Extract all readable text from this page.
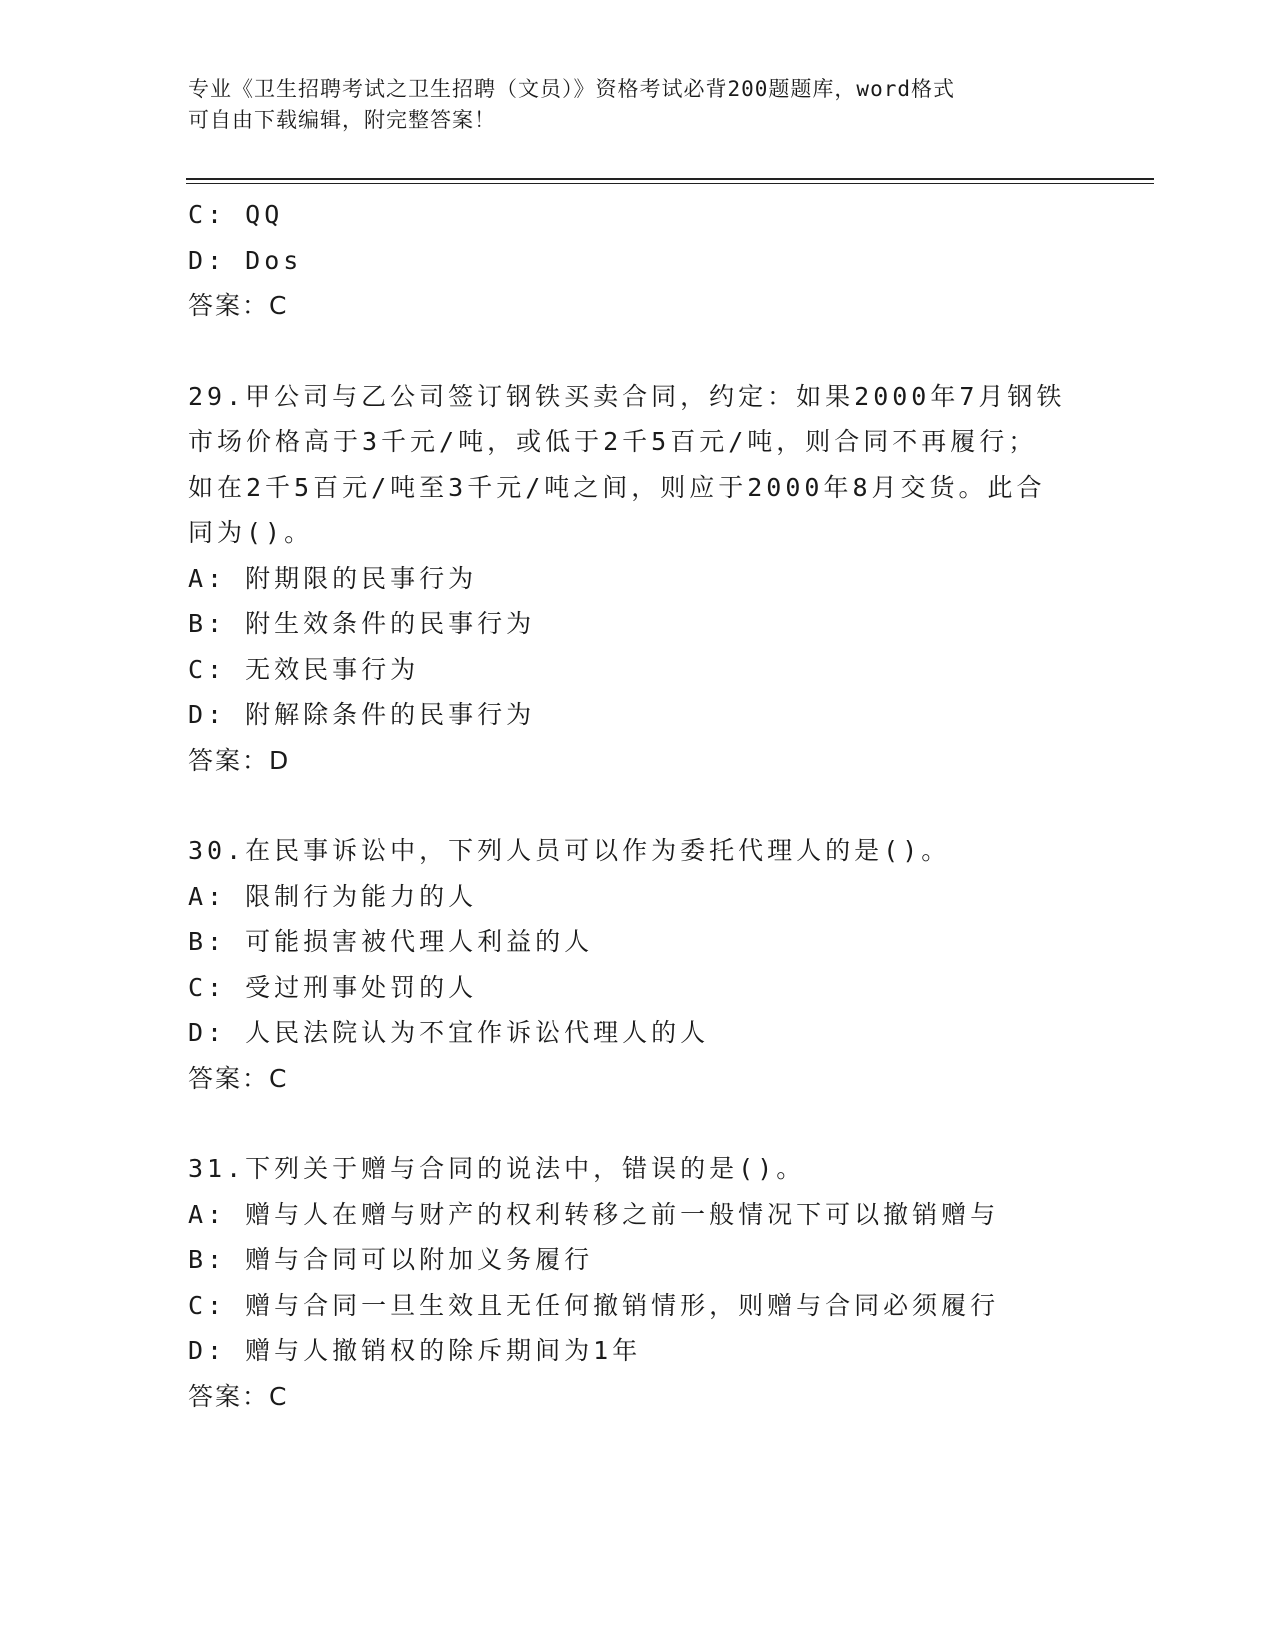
专业《卫生招聘考试之卫生招聘（文员）》资格考试必背200题题库，word格式
可自由下载编辑，附完整答案！
C: QQ
D: Dos
答案：C
29.甲公司与乙公司签订钢铁买卖合同，约定：如果2000年7月钢铁
市场价格高于3千元/吨，或低于2千5百元/吨，则合同不再履行；
如在2千5百元/吨至3千元/吨之间，则应于2000年8月交货。此合
同为()。
A: 附期限的民事行为
B: 附生效条件的民事行为
C: 无效民事行为
D: 附解除条件的民事行为
答案：D
30.在民事诉讼中，下列人员可以作为委托代理人的是()。
A: 限制行为能力的人
B: 可能损害被代理人利益的人
C: 受过刑事处罚的人
D: 人民法院认为不宜作诉讼代理人的人
答案：C
31.下列关于赠与合同的说法中，错误的是()。
A: 赠与人在赠与财产的权利转移之前一般情况下可以撤销赠与
B: 赠与合同可以附加义务履行
C: 赠与合同一旦生效且无任何撤销情形，则赠与合同必须履行
D: 赠与人撤销权的除斥期间为1年
答案：C
